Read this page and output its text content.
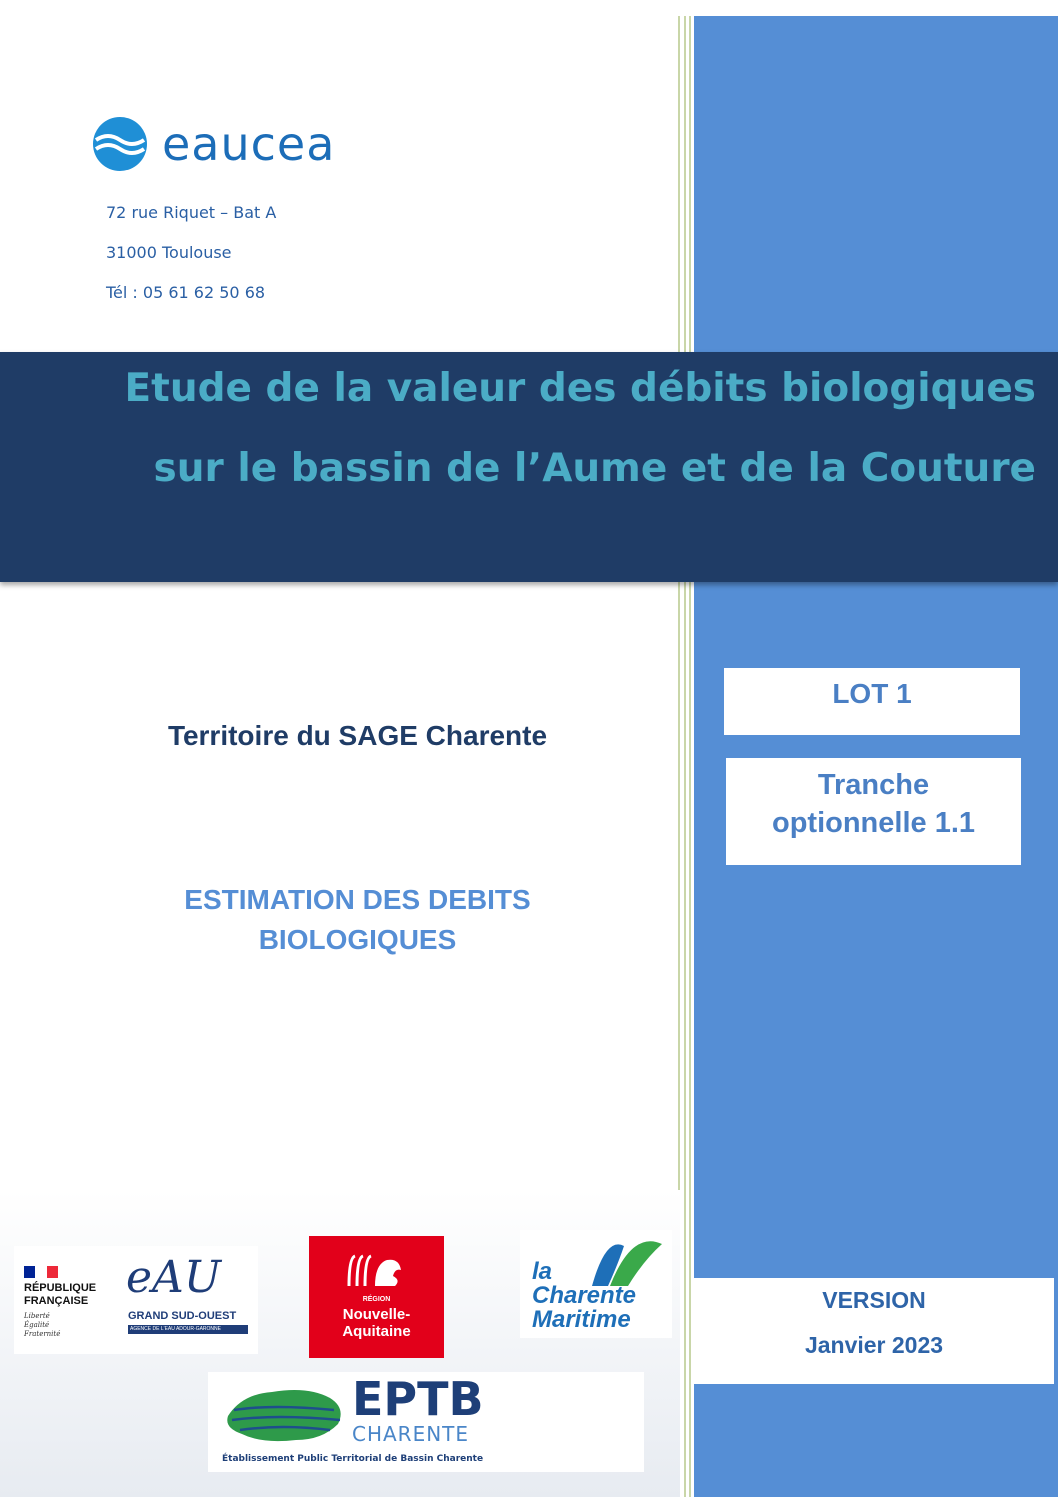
eaucea
72 rue Riquet – Bat A
31000 Toulouse
Tél : 05 61 62 50 68
Etude de la valeur des débits biologiques
sur le bassin de l’Aume et de la Couture
Territoire du SAGE Charente
ESTIMATION DES DEBITS
BIOLOGIQUES
LOT 1
Tranche
optionnelle 1.1
VERSION
Janvier 2023
RÉPUBLIQUE
FRANÇAISE
Liberté
Égalité
Fraternité
eAU
GRAND SUD-OUEST
AGENCE DE L'EAU ADOUR-GARONNE
RÉGION
Nouvelle-
Aquitaine
la
Charente
Maritime
EPTB
CHARENTE
Établissement Public Territorial de Bassin Charente
